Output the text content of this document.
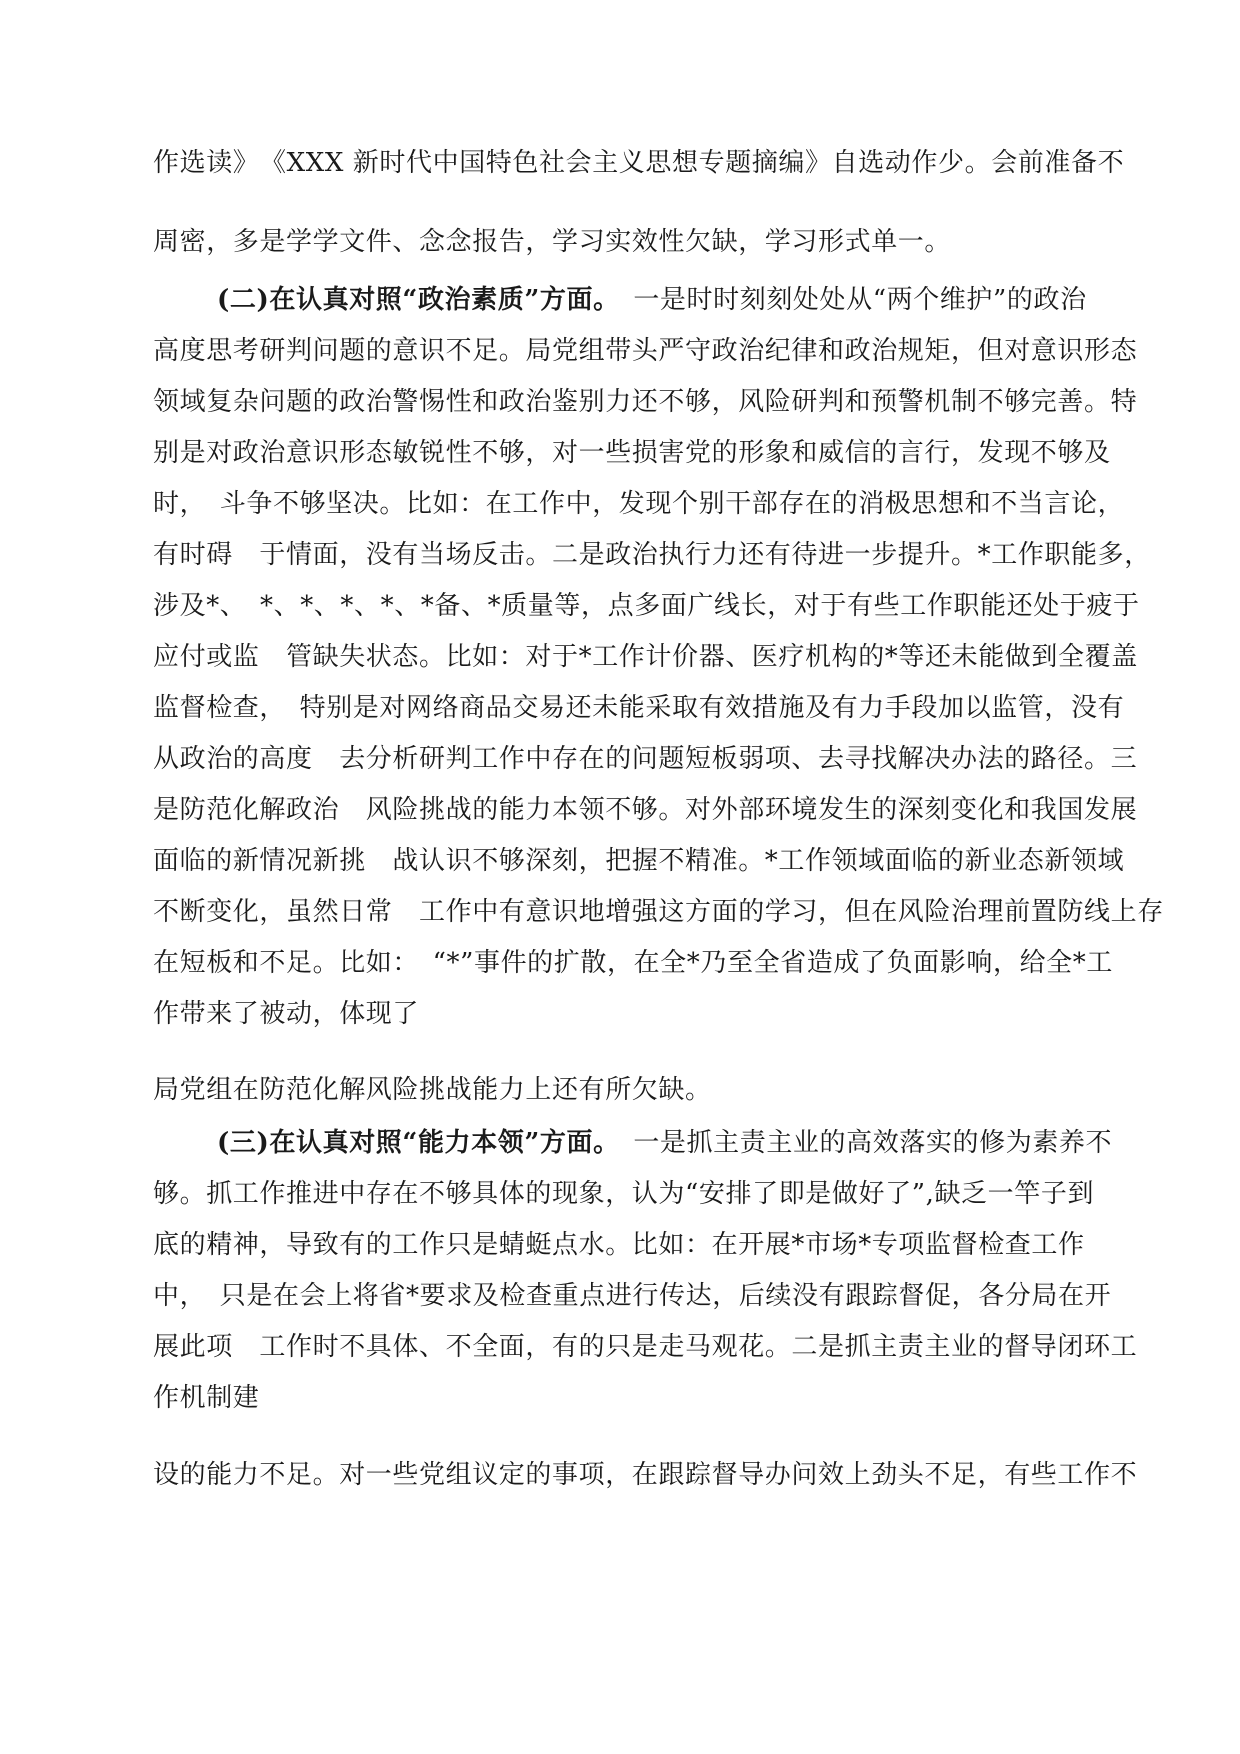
作选读》　《XXX 新时代中国特色社会主义思想专题摘编》自选动作少。会前准备不
周密，多是学学文件、念念报告，学习实效性欠缺，学习形式单一。
(二)在认真对照“政治素质”方面。　一是时时刻刻处处从“两个维护”的政治
高度思考研判问题的意识不足。局党组带头严守政治纪律和政治规矩，但对意识形态
领域复杂问题的政治警惕性和政治鉴别力还不够，风险研判和预警机制不够完善。特
别是对政治意识形态敏锐性不够，对一些损害党的形象和威信的言行，发现不够及
时，　斗争不够坚决。比如：在工作中，发现个别干部存在的消极思想和不当言论，
有时碍　于情面，没有当场反击。二是政治执行力还有待进一步提升。*工作职能多，
涉及*、　*、*、*、*、*备、*质量等，点多面广线长，对于有些工作职能还处于疲于
应付或监　管缺失状态。比如：对于*工作计价器、医疗机构的*等还未能做到全覆盖
监督检查，　特别是对网络商品交易还未能采取有效措施及有力手段加以监管，没有
从政治的高度　去分析研判工作中存在的问题短板弱项、去寻找解决办法的路径。三
是防范化解政治　风险挑战的能力本领不够。对外部环境发生的深刻变化和我国发展
面临的新情况新挑　战认识不够深刻，把握不精准。*工作领域面临的新业态新领域
不断变化，虽然日常　工作中有意识地增强这方面的学习，但在风险治理前置防线上存
在短板和不足。比如：　“*”事件的扩散，在全*乃至全省造成了负面影响，给全*工
作带来了被动，体现了
局党组在防范化解风险挑战能力上还有所欠缺。
(三)在认真对照“能力本领”方面。　一是抓主责主业的高效落实的修为素养不
够。抓工作推进中存在不够具体的现象，认为“安排了即是做好了”,缺乏一竿子到
底的精神，导致有的工作只是蜻蜓点水。比如：在开展*市场*专项监督检查工作
中，　只是在会上将省*要求及检查重点进行传达，后续没有跟踪督促，各分局在开
展此项　工作时不具体、不全面，有的只是走马观花。二是抓主责主业的督导闭环工
作机制建
设的能力不足。对一些党组议定的事项，在跟踪督导办问效上劲头不足，有些工作不
